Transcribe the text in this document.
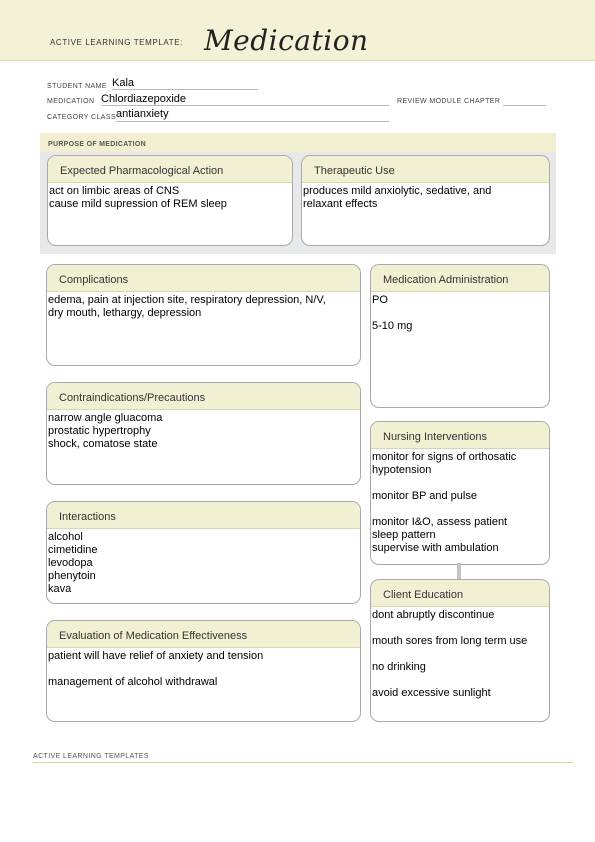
ACTIVE LEARNING TEMPLATE: Medication
STUDENT NAME Kala
MEDICATION Chlordiazepoxide	REVIEW MODULE CHAPTER
CATEGORY CLASS antianxiety
PURPOSE OF MEDICATION
Expected Pharmacological Action

act on limbic areas of CNS

cause mild supression of REM sleep

Therapeutic Use

produces mild anxiolytic, sedative, and

relaxant effects

Complications

edema, pain at injection site, respiratory depression, N/V,

dry mouth, lethargy, depression

Medication Administration

PO

5-10 mg

Contraindications/Precautions

narrow angle gluacoma

prostatic hypertrophy

shock, comatose state

Nursing Interventions

monitor for signs of orthosatic

hypotension

monitor BP and pulse

monitor I&O, assess patient

sleep pattern

supervise with ambulation

Interactions

alcohol

cimetidine

levodopa

phenytoin

kava	Client Education

dont abruptly discontinue

mouth sores from long term use

no drinking

avoid excessive sunlight

Evaluation of Medication Effectiveness

patient will have relief of anxiety and tension

management of alcohol withdrawal

ACTIVE LEARNING TEMPLATES
